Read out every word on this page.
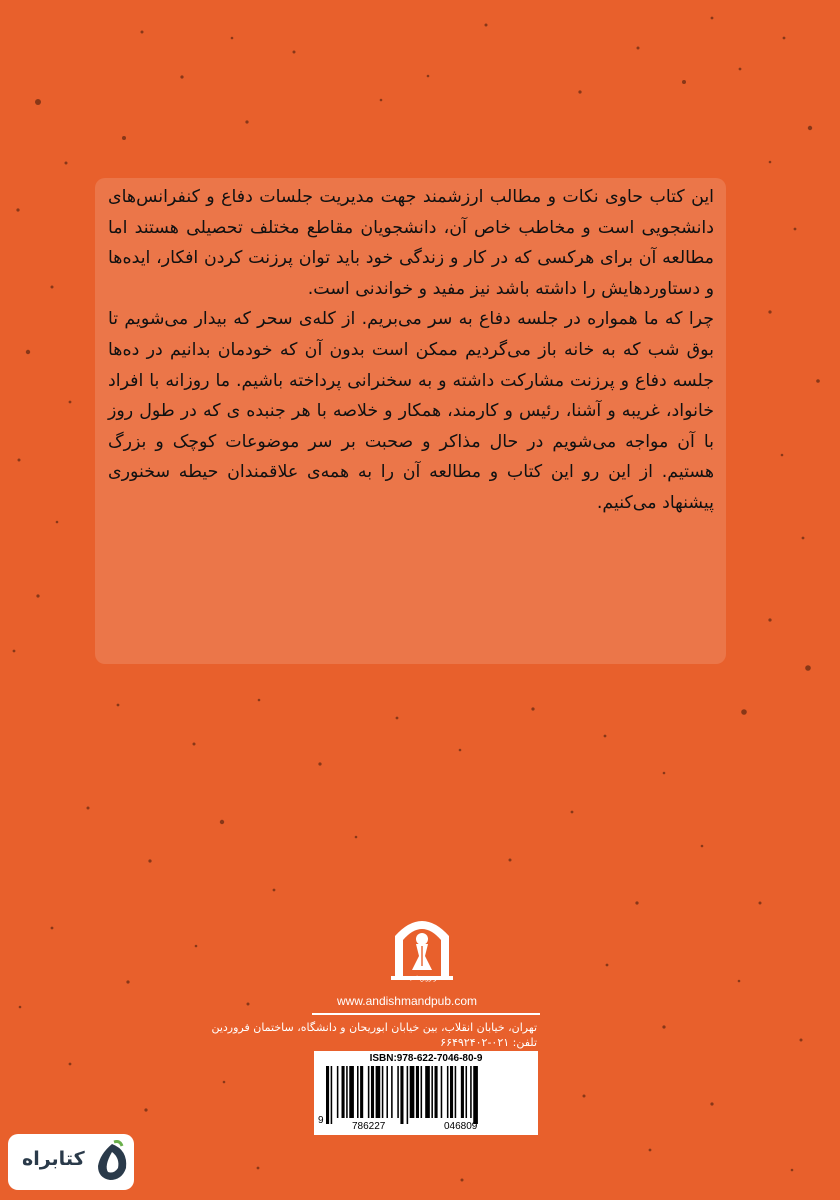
این کتاب حاوی نکات و مطالب ارزشمند جهت مدیریت جلسات دفاع و کنفرانس‌های دانشجویی است و مخاطب خاص آن، دانشجویان مقاطع مختلف تحصیلی هستند اما مطالعه آن برای هرکسی که در کار و زندگی خود باید توان پرزنت کردن افکار، ایده‌ها و دستاوردهایش را داشته باشد نیز مفید و خواندنی است.

چرا که ما همواره در جلسه دفاع به سر می‌بریم. از کله‌ی سحر که بیدار می‌شویم تا بوق شب که به خانه باز می‌گردیم ممکن است بدون آن که خودمان بدانیم در ده‌ها جلسه دفاع و پرزنت مشارکت داشته و به سخنرانی پرداخته باشیم. ما روزانه با افراد خانواد، غریبه و آشنا، رئیس و کارمند، همکار و خلاصه با هر جنبده ی که در طول روز با آن مواجه می‌شویم در حال مذاکر و صحبت بر سر موضوعات کوچک و بزرگ هستیم. از این رو این کتاب و مطالعه آن را به همه‌ی علاقمندان حیطه سخنوری پیشنهاد می‌کنیم.

نشر زرین اندیشمند
www.andishmandpub.com
تهران، خیابان انقلاب، بین خیابان ابوریحان و دانشگاه، ساختمان فروردین
تلفن: ۰۲۱-۶۶۴۹۲۴۰۲
ISBN:978-622-7046-80-9
9
786227	046809
کتابراه
